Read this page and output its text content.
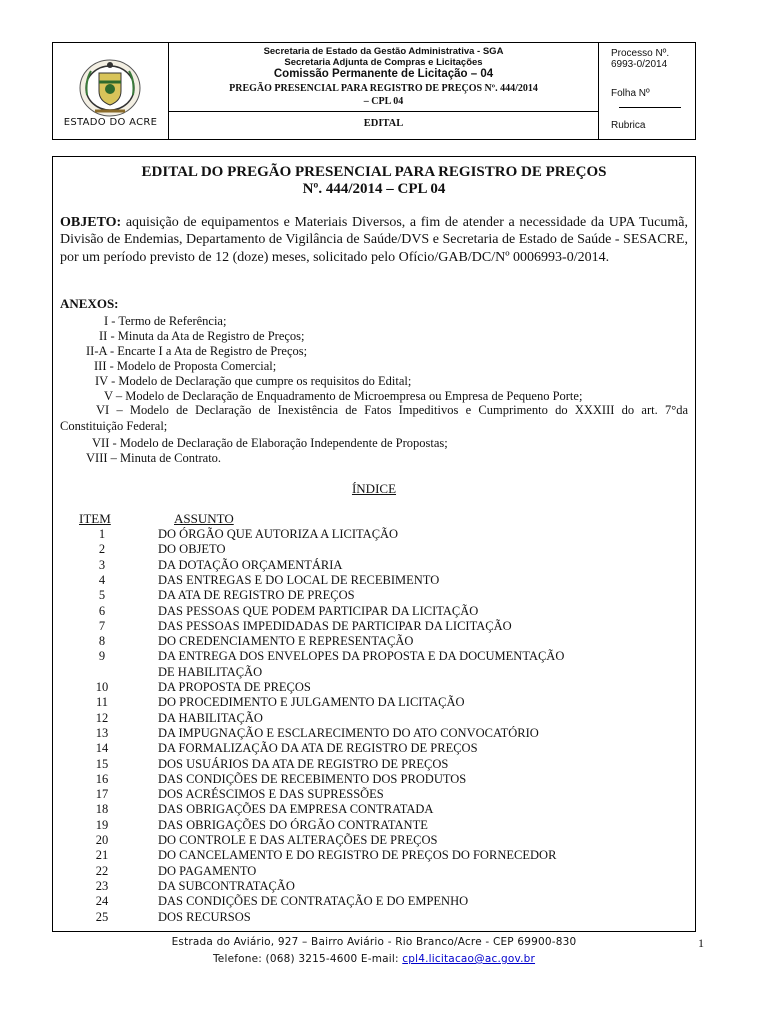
ESTADO DO ACRE
Secretaria de Estado da Gestão Administrativa - SGA
Secretaria Adjunta de Compras e Licitações
Comissão Permanente de Licitação – 04
PREGÃO PRESENCIAL PARA REGISTRO DE PREÇOS Nº. 444/2014
– CPL 04
EDITAL
Processo Nº. 6993-0/2014
Folha Nº
Rubrica
EDITAL DO PREGÃO PRESENCIAL PARA REGISTRO DE PREÇOS
Nº. 444/2014 – CPL 04
OBJETO: aquisição de equipamentos e Materiais Diversos, a fim de atender a necessidade da UPA Tucumã, Divisão de Endemias, Departamento de Vigilância de Saúde/DVS e Secretaria de Estado de Saúde - SESACRE, por um período previsto de 12 (doze) meses, solicitado pelo Ofício/GAB/DC/Nº 0006993-0/2014.
ANEXOS:
I - Termo de Referência;
II - Minuta da Ata de Registro de Preços;
II-A - Encarte I a Ata de Registro de Preços;
III - Modelo de Proposta Comercial;
IV - Modelo de Declaração que cumpre os requisitos do Edital;
V – Modelo de Declaração de Enquadramento de Microempresa ou Empresa de Pequeno Porte;
VI – Modelo de Declaração de Inexistência de Fatos Impeditivos e Cumprimento do XXXIII do art. 7°da Constituição Federal;
VII - Modelo de Declaração de Elaboração Independente de Propostas;
VIII – Minuta de Contrato.
ÍNDICE
ITEM	ASSUNTO
1	DO ÓRGÃO QUE AUTORIZA A LICITAÇÃO
2	DO OBJETO
3	DA DOTAÇÃO ORÇAMENTÁRIA
4	DAS ENTREGAS E DO LOCAL DE RECEBIMENTO
5	DA ATA DE REGISTRO DE PREÇOS
6	DAS PESSOAS QUE PODEM PARTICIPAR DA LICITAÇÃO
7	DAS PESSOAS IMPEDIDADAS DE PARTICIPAR DA LICITAÇÃO
8	DO CREDENCIAMENTO E REPRESENTAÇÃO
9	DA ENTREGA DOS ENVELOPES DA PROPOSTA E DA DOCUMENTAÇÃO
DE HABILITAÇÃO
10	DA PROPOSTA DE PREÇOS
11	DO PROCEDIMENTO E JULGAMENTO DA LICITAÇÃO
12	DA HABILITAÇÃO
13	DA IMPUGNAÇÃO E ESCLARECIMENTO DO ATO CONVOCATÓRIO
14	DA FORMALIZAÇÃO DA ATA DE REGISTRO DE PREÇOS
15	DOS USUÁRIOS DA ATA DE REGISTRO DE PREÇOS
16	DAS CONDIÇÕES DE RECEBIMENTO DOS PRODUTOS
17	DOS ACRÉSCIMOS E DAS SUPRESSÕES
18	DAS OBRIGAÇÕES DA EMPRESA CONTRATADA
19	DAS OBRIGAÇÕES DO ÓRGÃO CONTRATANTE
20	DO CONTROLE E DAS ALTERAÇÕES DE PREÇOS
21	DO CANCELAMENTO E DO REGISTRO DE PREÇOS DO FORNECEDOR
22	DO PAGAMENTO
23	DA SUBCONTRATAÇÃO
24	DAS CONDIÇÕES DE CONTRATAÇÃO E DO EMPENHO
25	DOS RECURSOS
Estrada do Aviário, 927 – Bairro Aviário - Rio Branco/Acre - CEP 69900-830
Telefone: (068) 3215-4600 E-mail: cpl4.licitacao@ac.gov.br
1
